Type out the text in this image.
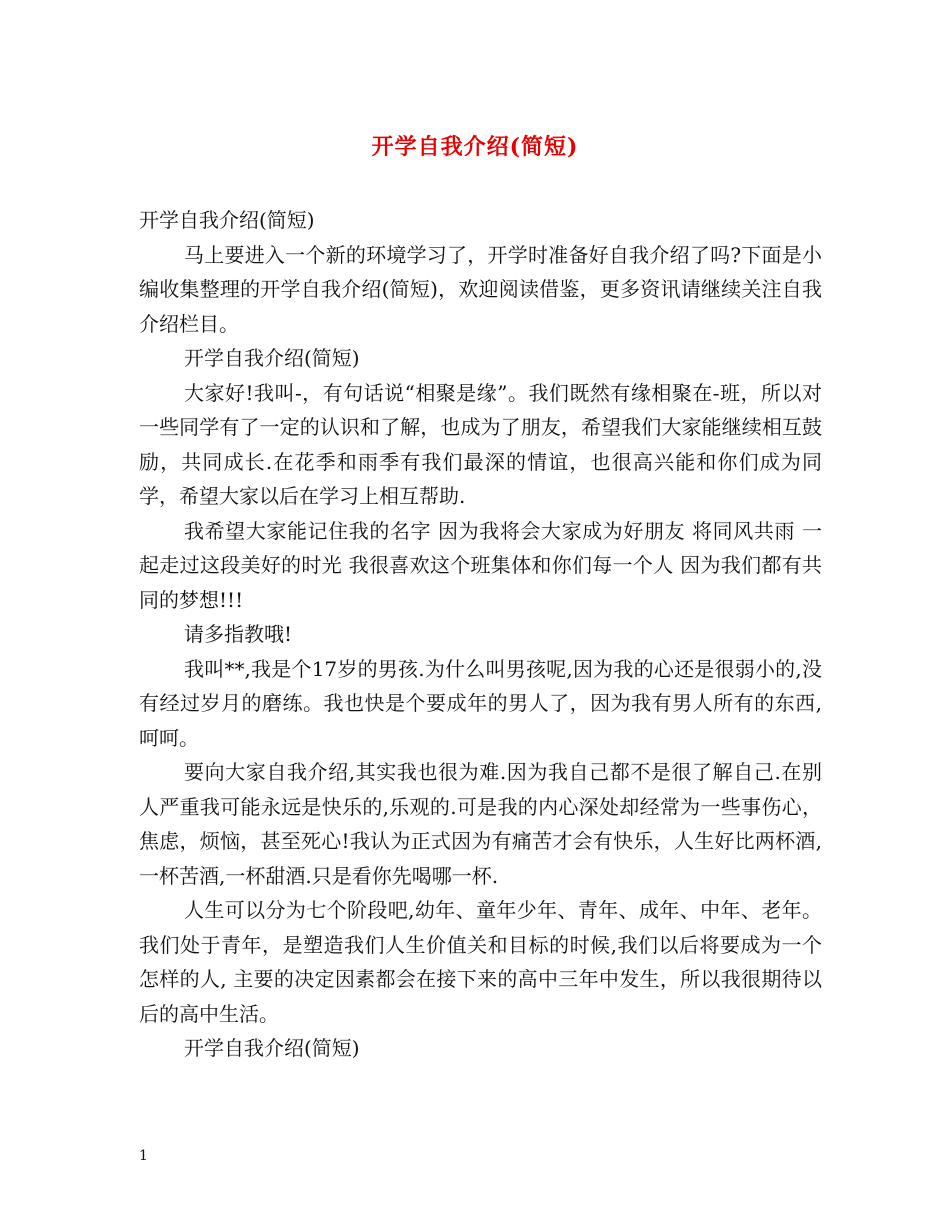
开学自我介绍(简短)

开学自我介绍(简短)

马上要进入一个新的环境学习了，开学时准备好自我介绍了吗?下面是小编收集整理的开学自我介绍(简短)，欢迎阅读借鉴，更多资讯请继续关注自我介绍栏目。

开学自我介绍(简短)

大家好!我叫-，有句话说“相聚是缘”。我们既然有缘相聚在-班，所以对一些同学有了一定的认识和了解，也成为了朋友，希望我们大家能继续相互鼓励，共同成长.在花季和雨季有我们最深的情谊，也很高兴能和你们成为同学，希望大家以后在学习上相互帮助.

我希望大家能记住我的名字 因为我将会大家成为好朋友 将同风共雨 一起走过这段美好的时光 我很喜欢这个班集体和你们每一个人 因为我们都有共同的梦想!!!

请多指教哦!

我叫**,我是个17岁的男孩.为什么叫男孩呢,因为我的心还是很弱小的,没有经过岁月的磨练。我也快是个要成年的男人了，因为我有男人所有的东西,呵呵。

要向大家自我介绍,其实我也很为难.因为我自己都不是很了解自己.在别人严重我可能永远是快乐的,乐观的.可是我的内心深处却经常为一些事伤心，焦虑，烦恼，甚至死心!我认为正式因为有痛苦才会有快乐，人生好比两杯酒,一杯苦酒,一杯甜酒.只是看你先喝哪一杯.

人生可以分为七个阶段吧,幼年、童年少年、青年、成年、中年、老年。我们处于青年，是塑造我们人生价值关和目标的时候,我们以后将要成为一个怎样的人, 主要的决定因素都会在接下来的高中三年中发生，所以我很期待以后的高中生活。

开学自我介绍(简短)

1
